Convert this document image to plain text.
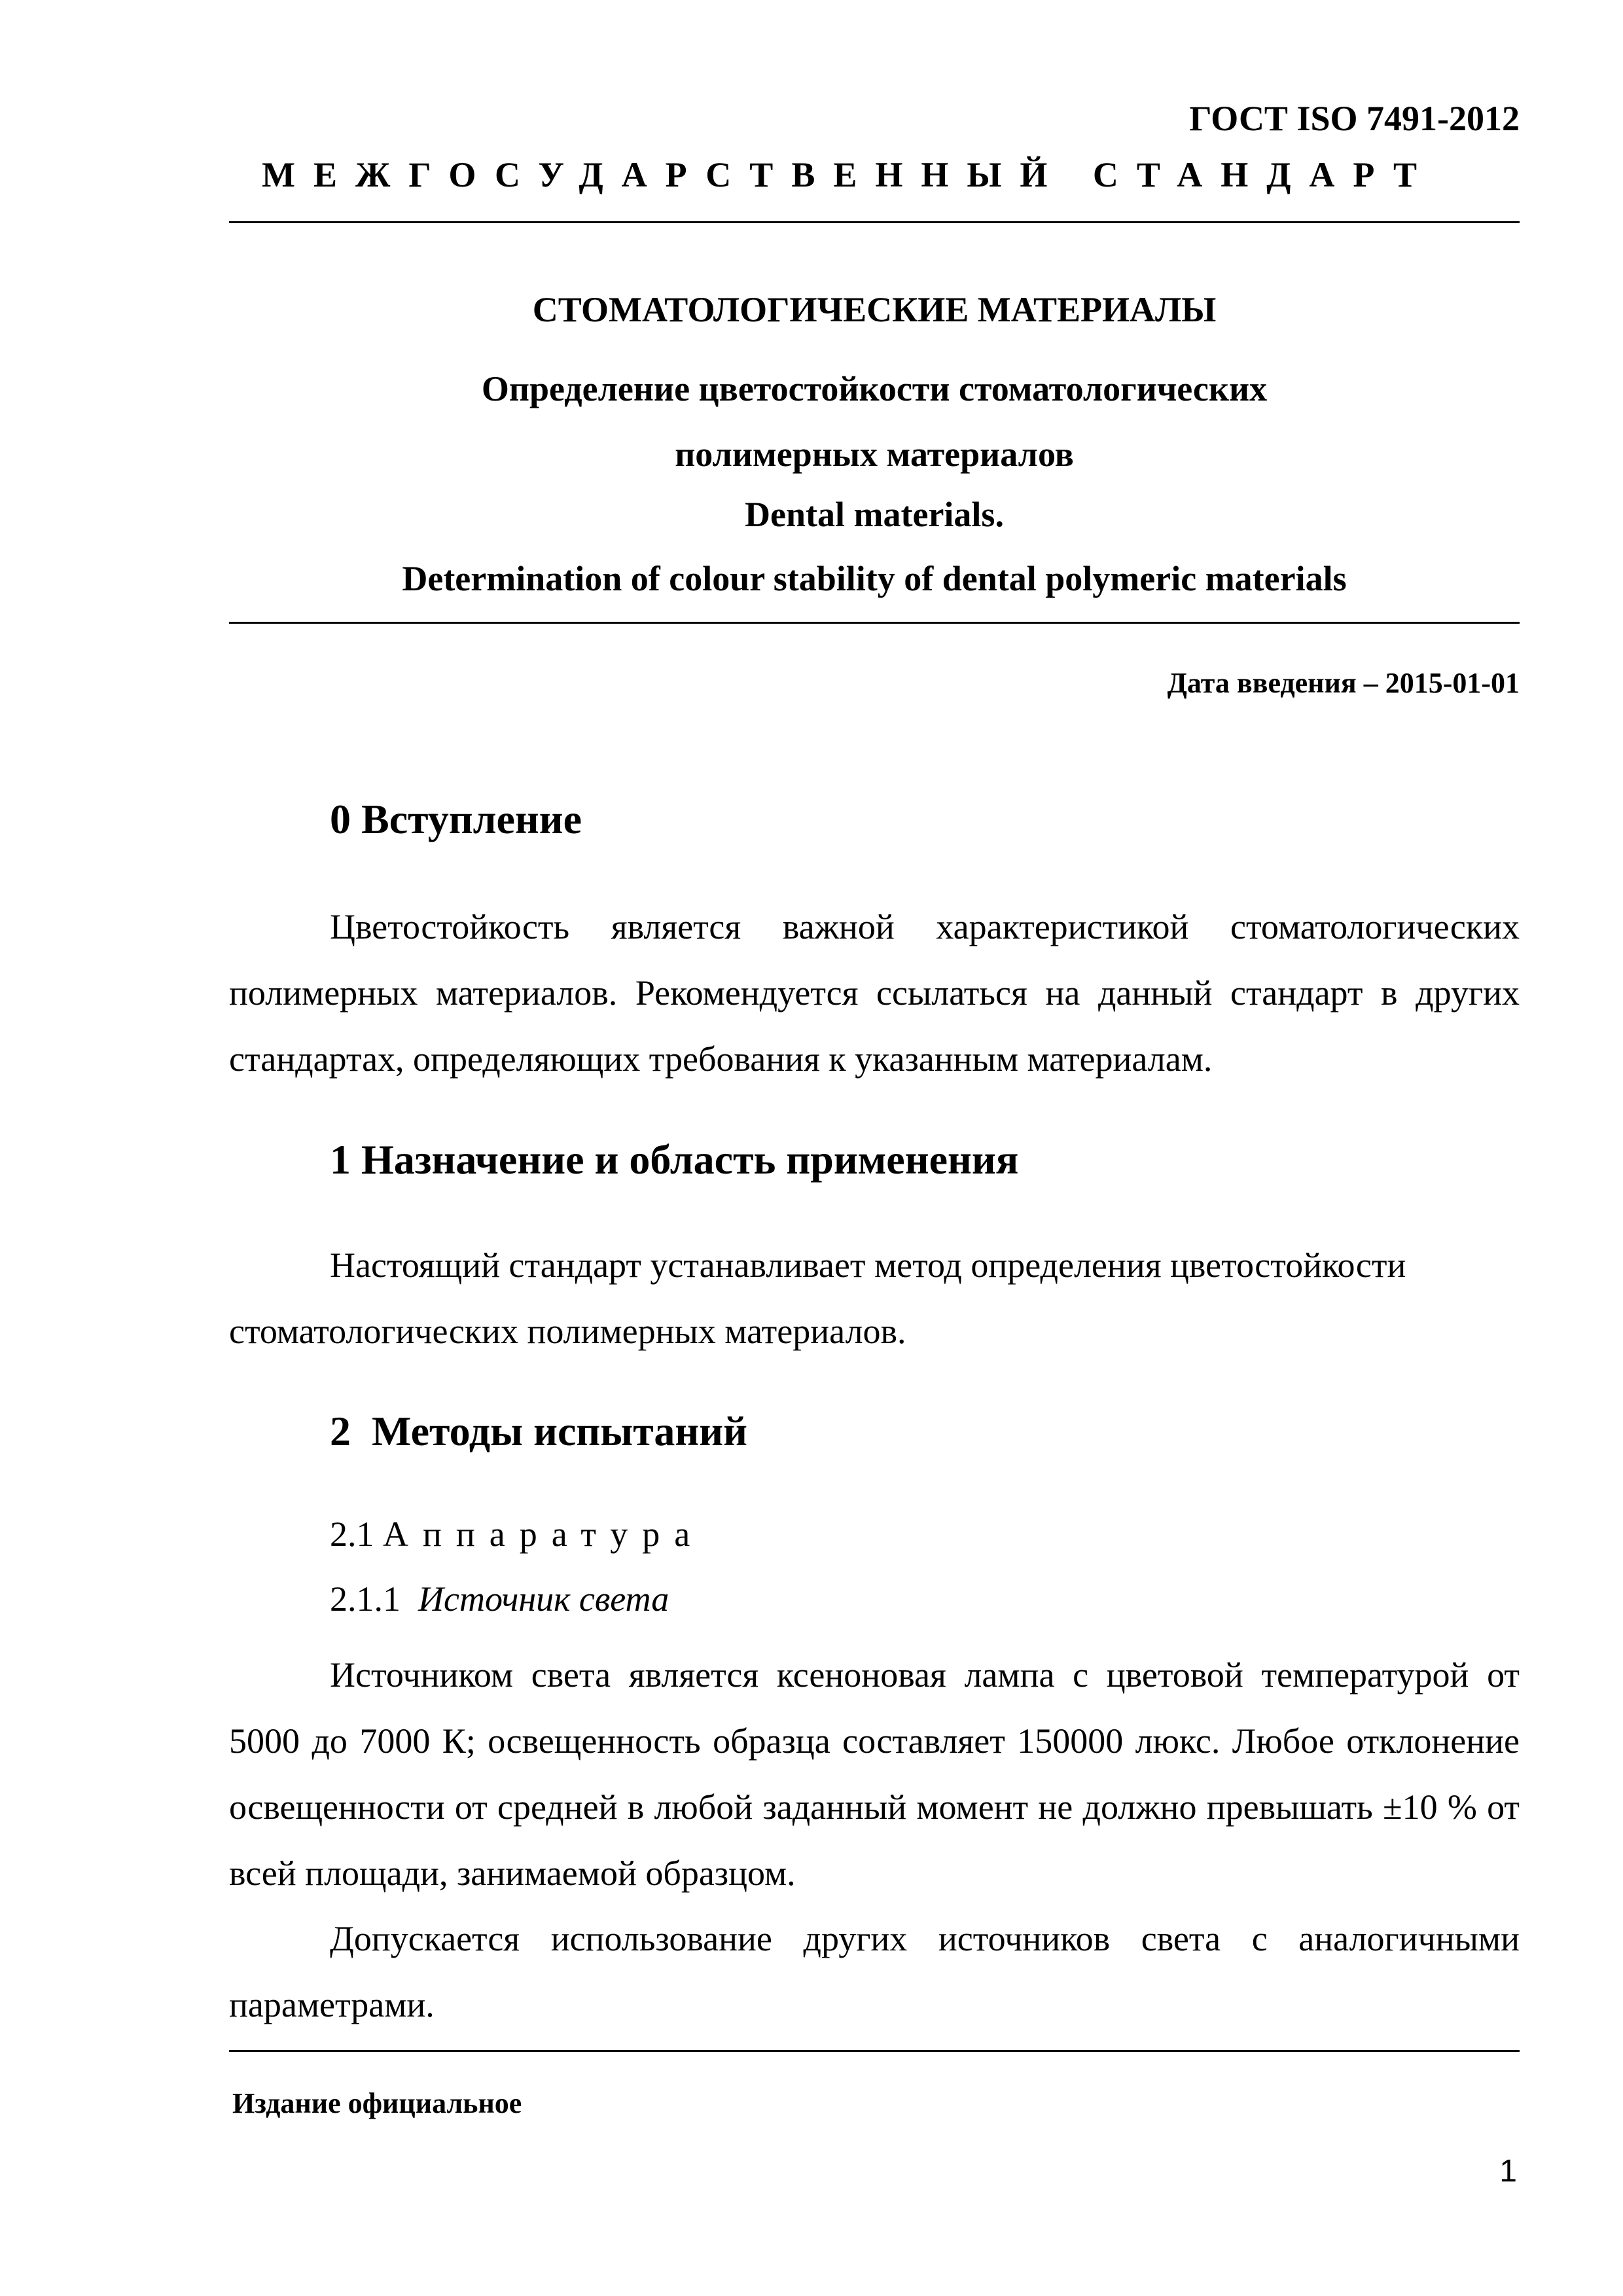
ГОСТ ISO 7491-2012
МЕЖГОСУДАРСТВЕННЫЙ СТАНДАРТ
СТОМАТОЛОГИЧЕСКИЕ МАТЕРИАЛЫ
Определение цветостойкости стоматологических полимерных материалов
Dental materials.
Determination of colour stability of dental polymeric materials
Дата введения – 2015-01-01
0 Вступление
Цветостойкость является важной характеристикой стоматологических полимерных материалов. Рекомендуется ссылаться на данный стандарт в других стандартах, определяющих требования к указанным материалам.
1 Назначение и область применения
Настоящий стандарт устанавливает метод определения цветостойкости стоматологических полимерных материалов.
2  Методы испытаний
2.1 Аппаратура
2.1.1 Источник света
Источником света является ксеноновая лампа с цветовой температурой от 5000 до 7000 К; освещенность образца составляет 150000 люкс. Любое отклонение освещенности от средней в любой заданный момент не должно превышать ±10 % от всей площади, занимаемой образцом.
Допускается использование других источников света с аналогичными параметрами.
Издание официальное
1
